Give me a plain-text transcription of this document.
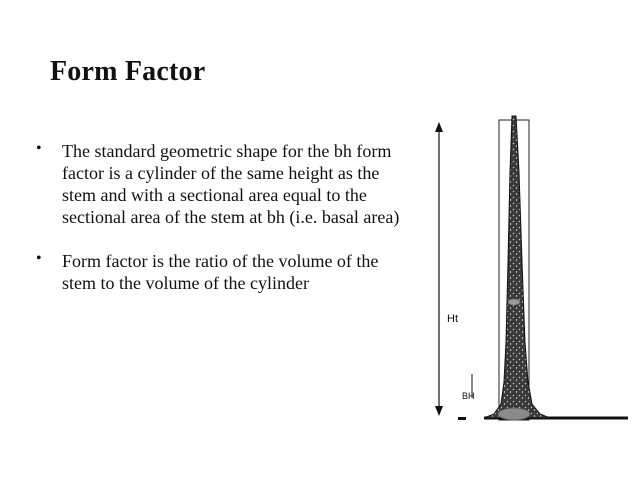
Form Factor
• The standard geometric shape for the bh form factor is a cylinder of the same height as the stem and with a sectional area equal to the sectional area of the stem at bh (i.e. basal area)
• Form factor is the ratio of the volume of the stem to the volume of the cylinder
Ht
BH
